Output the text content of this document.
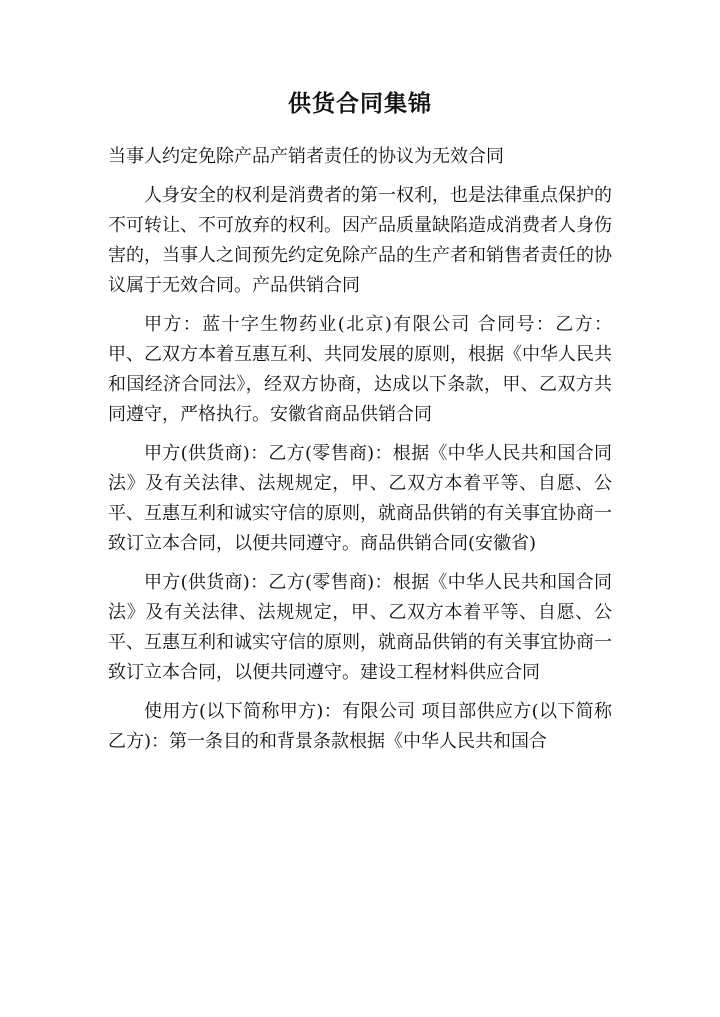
供货合同集锦

当事人约定免除产品产销者责任的协议为无效合同

人身安全的权利是消费者的第一权利，也是法律重点保护的不可转让、不可放弃的权利。因产品质量缺陷造成消费者人身伤害的，当事人之间预先约定免除产品的生产者和销售者责任的协议属于无效合同。产品供销合同

甲方：蓝十字生物药业(北京)有限公司 合同号：乙方：甲、乙双方本着互惠互利、共同发展的原则，根据《中华人民共和国经济合同法》，经双方协商，达成以下条款，甲、乙双方共同遵守，严格执行。安徽省商品供销合同

甲方(供货商)：乙方(零售商)：根据《中华人民共和国合同法》及有关法律、法规规定，甲、乙双方本着平等、自愿、公平、互惠互利和诚实守信的原则，就商品供销的有关事宜协商一致订立本合同，以便共同遵守。商品供销合同(安徽省)

甲方(供货商)：乙方(零售商)：根据《中华人民共和国合同法》及有关法律、法规规定，甲、乙双方本着平等、自愿、公平、互惠互利和诚实守信的原则，就商品供销的有关事宜协商一致订立本合同，以便共同遵守。建设工程材料供应合同

使用方(以下简称甲方)：有限公司 项目部供应方(以下简称乙方)：第一条目的和背景条款根据《中华人民共和国合
